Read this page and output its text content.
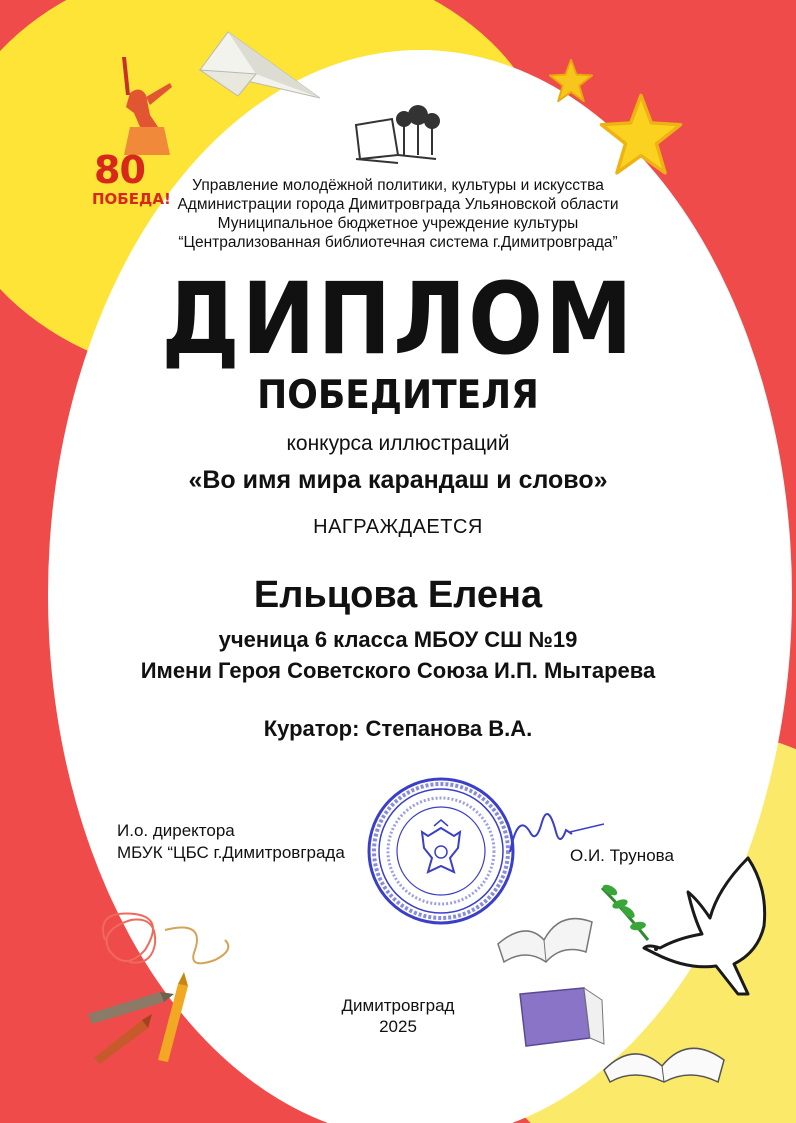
80
ПОБЕДА!
Управление молодёжной политики, культуры и искусства
Администрации города Димитровграда Ульяновской области
Муниципальное бюджетное учреждение культуры
“Централизованная библиотечная система г.Димитровграда”
ДИПЛОМ
ПОБЕДИТЕЛЯ
конкурса иллюстраций
«Во имя мира карандаш и слово»
НАГРАЖДАЕТСЯ
Ельцова Елена
ученица 6 класса МБОУ СШ №19
Имени Героя Советского Союза И.П. Мытарева
Куратор: Степанова В.А.
И.о. директора
МБУК “ЦБС г.Димитровграда	О.И. Трунова
Димитровград
2025
